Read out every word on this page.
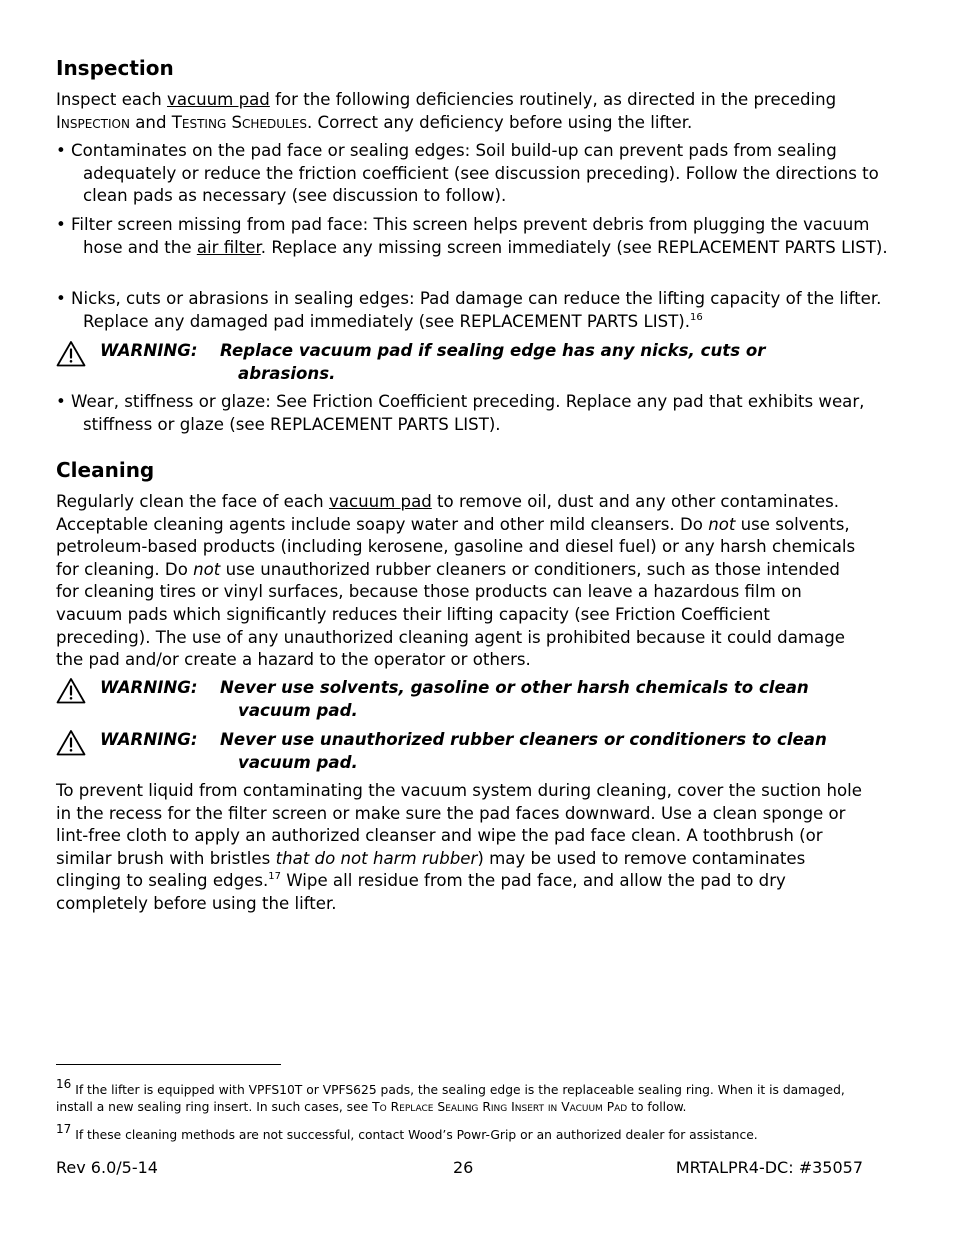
Inspection

Inspect each vacuum pad for the following deficiencies routinely, as directed in the preceding
Inspection and Testing Schedules. Correct any deficiency before using the lifter.

• Contaminates on the pad face or sealing edges: Soil build-up can prevent pads from sealing adequately or reduce the friction coefficient (see discussion preceding). Follow the directions to clean pads as necessary (see discussion to follow).

• Filter screen missing from pad face: This screen helps prevent debris from plugging the vacuum hose and the air filter. Replace any missing screen immediately (see REPLACEMENT PARTS LIST).

• Nicks, cuts or abrasions in sealing edges: Pad damage can reduce the lifting capacity of the lifter. Replace any damaged pad immediately (see REPLACEMENT PARTS LIST).$^{16}$

WARNING: Replace vacuum pad if sealing edge has any nicks, cuts or
abrasions.

• Wear, stiffness or glaze: See Friction Coefficient preceding. Replace any pad that exhibits wear, stiffness or glaze (see REPLACEMENT PARTS LIST).

Cleaning

Regularly clean the face of each vacuum pad to remove oil, dust and any other contaminates. Acceptable cleaning agents include soapy water and other mild cleansers. Do not use solvents, petroleum-based products (including kerosene, gasoline and diesel fuel) or any harsh chemicals for cleaning. Do not use unauthorized rubber cleaners or conditioners, such as those intended for cleaning tires or vinyl surfaces, because those products can leave a hazardous film on vacuum pads which significantly reduces their lifting capacity (see Friction Coefficient preceding). The use of any unauthorized cleaning agent is prohibited because it could damage the pad and/or create a hazard to the operator or others.

WARNING: Never use solvents, gasoline or other harsh chemicals to clean
vacuum pad.
WARNING: Never use unauthorized rubber cleaners or conditioners to clean
vacuum pad.

To prevent liquid from contaminating the vacuum system during cleaning, cover the suction hole in the recess for the filter screen or make sure the pad faces downward. Use a clean sponge or lint-free cloth to apply an authorized cleanser and wipe the pad face clean. A toothbrush (or similar brush with bristles that do not harm rubber) may be used to remove contaminates clinging to sealing edges.$^{17}$ Wipe all residue from the pad face, and allow the pad to dry completely before using the lifter.

$^{16}$ If the lifter is equipped with VPFS10T or VPFS625 pads, the sealing edge is the replaceable sealing ring. When it is damaged, install a new sealing ring insert. In such cases, see To Replace Sealing Ring Insert in Vacuum Pad to follow.
$^{17}$ If these cleaning methods are not successful, contact Wood’s Powr-Grip or an authorized dealer for assistance.
Rev 6.0/5-14	26	MRTALPR4-DC: #35057
